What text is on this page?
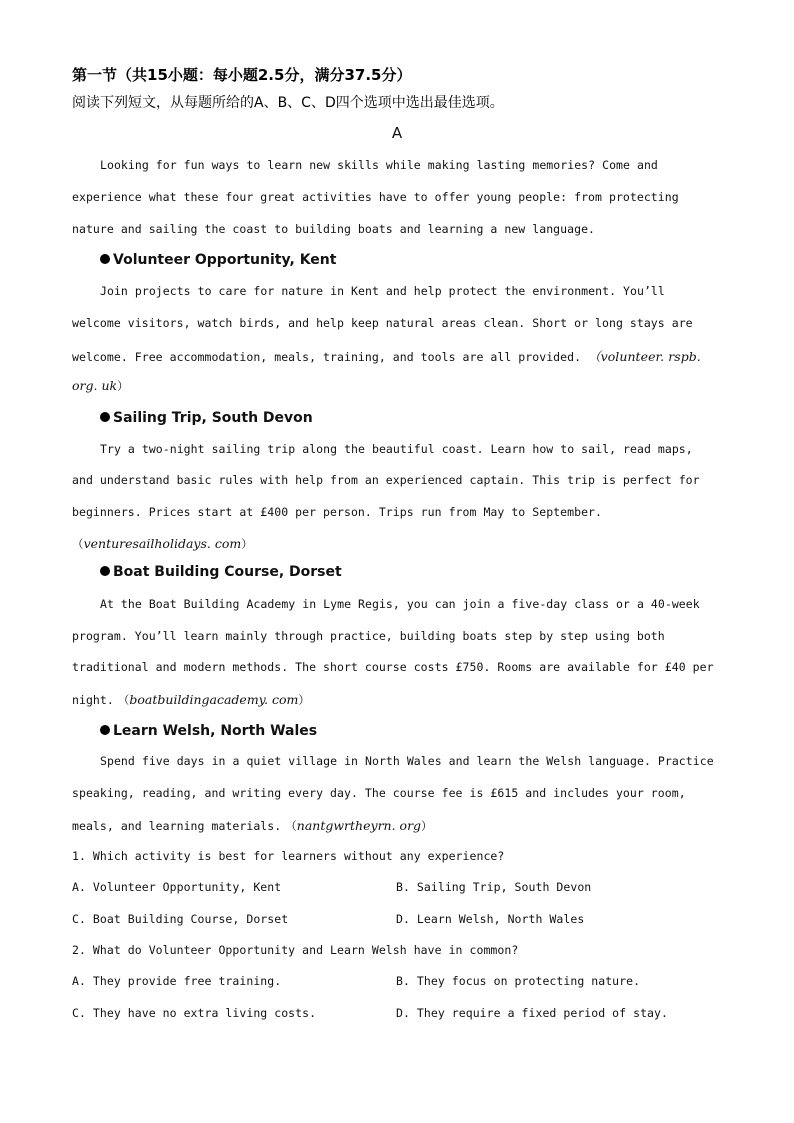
第一节（共15小题：每小题2.5分，满分37.5分）
阅读下列短文，从每题所给的A、B、C、D四个选项中选出最佳选项。
A
Looking for fun ways to learn new skills while making lasting memories? Come and
experience what these four great activities have to offer young people: from protecting
nature and sailing the coast to building boats and learning a new language.
Volunteer Opportunity, Kent
Join projects to care for nature in Kent and help protect the environment. You’ll
welcome visitors, watch birds, and help keep natural areas clean. Short or long stays are
welcome. Free accommodation, meals, training, and tools are all provided. （volunteer. rspb.
org. uk）
Sailing Trip, South Devon
Try a two-night sailing trip along the beautiful coast. Learn how to sail, read maps,
and understand basic rules with help from an experienced captain. This trip is perfect for
beginners. Prices start at £400 per person. Trips run from May to September.
（venturesailholidays. com）
Boat Building Course, Dorset
At the Boat Building Academy in Lyme Regis, you can join a five-day class or a 40-week
program. You’ll learn mainly through practice, building boats step by step using both
traditional and modern methods. The short course costs £750. Rooms are available for £40 per
night. （boatbuildingacademy. com）
Learn Welsh, North Wales
Spend five days in a quiet village in North Wales and learn the Welsh language. Practice
speaking, reading, and writing every day. The course fee is £615 and includes your room,
meals, and learning materials. （nantgwrtheyrn. org）
1. Which activity is best for learners without any experience?
A. Volunteer Opportunity, Kent	B. Sailing Trip, South Devon
C. Boat Building Course, Dorset	D. Learn Welsh, North Wales
2. What do Volunteer Opportunity and Learn Welsh have in common?
A. They provide free training.	B. They focus on protecting nature.
C. They have no extra living costs.	D. They require a fixed period of stay.
